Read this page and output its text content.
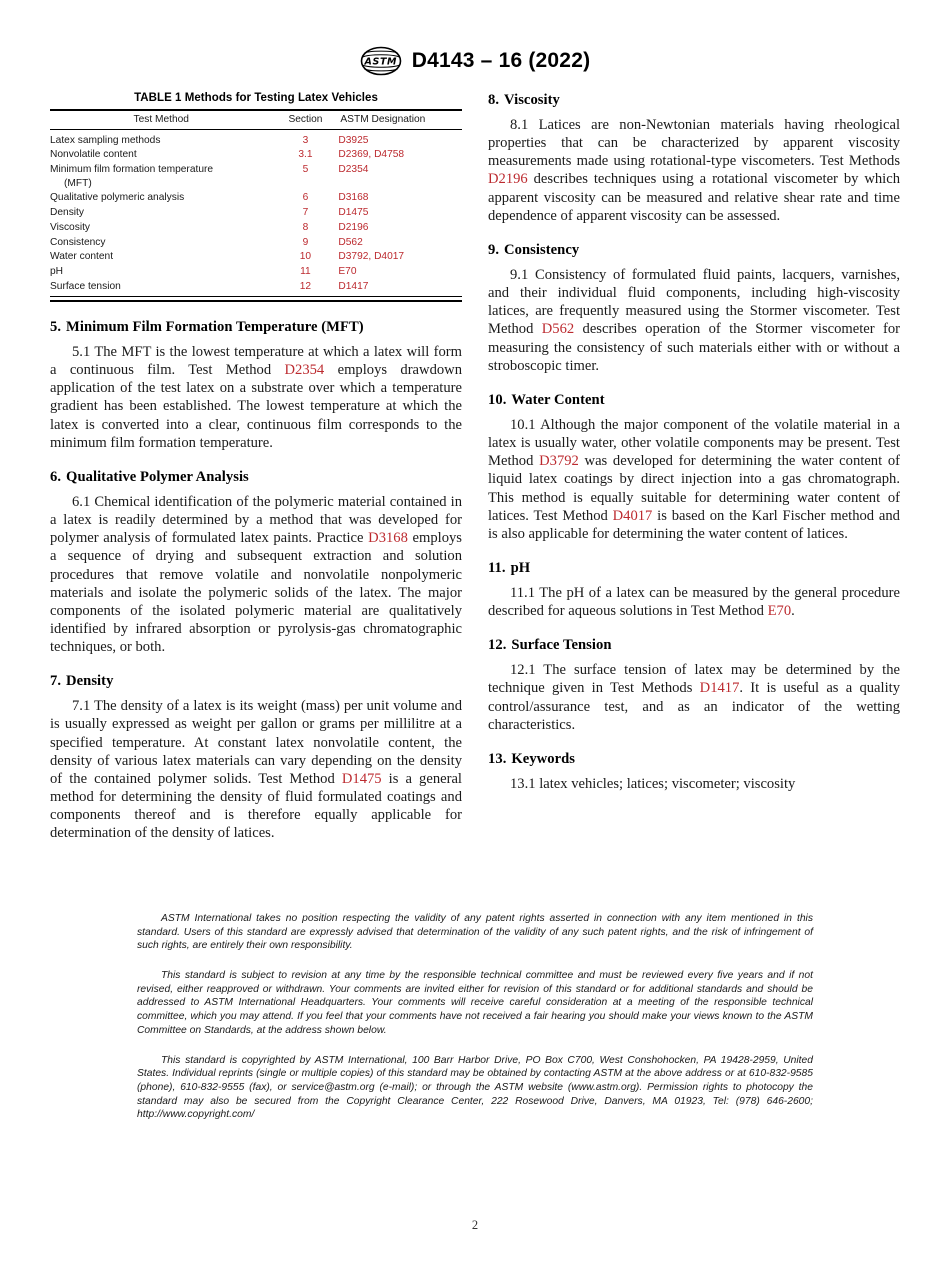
A S T M D4143 – 16 (2022)
TABLE 1 Methods for Testing Latex Vehicles
Test Method	Section	ASTM Designation
Latex sampling methods	3	D3925
Nonvolatile content	3.1	D2369, D4758
Minimum film formation temperature
(MFT)	5	D2354
Qualitative polymeric analysis	6	D3168
Density	7	D1475
Viscosity	8	D2196
Consistency	9	D562
Water content	10	D3792, D4017
pH	11	E70
Surface tension	12	D1417
5. Minimum Film Formation Temperature (MFT)

5.1 The MFT is the lowest temperature at which a latex will form a continuous film. Test Method D2354 employs drawdown application of the test latex on a substrate over which a temperature gradient has been established. The lowest temperature at which the latex is converted into a clear, continuous film corresponds to the minimum film formation temperature.

6. Qualitative Polymer Analysis

6.1 Chemical identification of the polymeric material contained in a latex is readily determined by a method that was developed for polymer analysis of formulated latex paints. Practice D3168 employs a sequence of drying and subsequent extraction and solution procedures that remove volatile and nonvolatile nonpolymeric materials and isolate the polymeric solids of the latex. The major components of the isolated polymeric material are qualitatively identified by infrared absorption or pyrolysis-gas chromatographic techniques, or both.

7. Density

7.1 The density of a latex is its weight (mass) per unit volume and is usually expressed as weight per gallon or grams per millilitre at a specified temperature. At constant latex nonvolatile content, the density of various latex materials can vary depending on the density of the contained polymer solids. Test Method D1475 is a general method for determining the density of fluid formulated coatings and components thereof and is therefore equally applicable for determination of the density of latices.

8. Viscosity

8.1 Latices are non-Newtonian materials having rheological properties that can be characterized by apparent viscosity measurements made using rotational-type viscometers. Test Methods D2196 describes techniques using a rotational viscometer by which apparent viscosity can be measured and relative shear rate and time dependence of apparent viscosity can be assessed.

9. Consistency

9.1 Consistency of formulated fluid paints, lacquers, varnishes, and their individual fluid components, including high-viscosity latices, are frequently measured using the Stormer viscometer. Test Method D562 describes operation of the Stormer viscometer for measuring the consistency of such materials either with or without a stroboscopic timer.

10. Water Content

10.1 Although the major component of the volatile material in a latex is usually water, other volatile components may be present. Test Method D3792 was developed for determining the water content of liquid latex coatings by direct injection into a gas chromatograph. This method is equally suitable for determining water content of latices. Test Method D4017 is based on the Karl Fischer method and is also applicable for determining the water content of latices.

11. pH

11.1 The pH of a latex can be measured by the general procedure described for aqueous solutions in Test Method E70.

12. Surface Tension

12.1 The surface tension of latex may be determined by the technique given in Test Methods D1417. It is useful as a quality control/assurance test, and as an indicator of the wetting characteristics.

13. Keywords

13.1 latex vehicles; latices; viscometer; viscosity

ASTM International takes no position respecting the validity of any patent rights asserted in connection with any item mentioned in this standard. Users of this standard are expressly advised that determination of the validity of any such patent rights, and the risk of infringement of such rights, are entirely their own responsibility.

This standard is subject to revision at any time by the responsible technical committee and must be reviewed every five years and if not revised, either reapproved or withdrawn. Your comments are invited either for revision of this standard or for additional standards and should be addressed to ASTM International Headquarters. Your comments will receive careful consideration at a meeting of the responsible technical committee, which you may attend. If you feel that your comments have not received a fair hearing you should make your views known to the ASTM Committee on Standards, at the address shown below.

This standard is copyrighted by ASTM International, 100 Barr Harbor Drive, PO Box C700, West Conshohocken, PA 19428-2959, United States. Individual reprints (single or multiple copies) of this standard may be obtained by contacting ASTM at the above address or at 610-832-9585 (phone), 610-832-9555 (fax), or service@astm.org (e-mail); or through the ASTM website (www.astm.org). Permission rights to photocopy the standard may also be secured from the Copyright Clearance Center, 222 Rosewood Drive, Danvers, MA 01923, Tel: (978) 646-2600; http://www.copyright.com/

2
